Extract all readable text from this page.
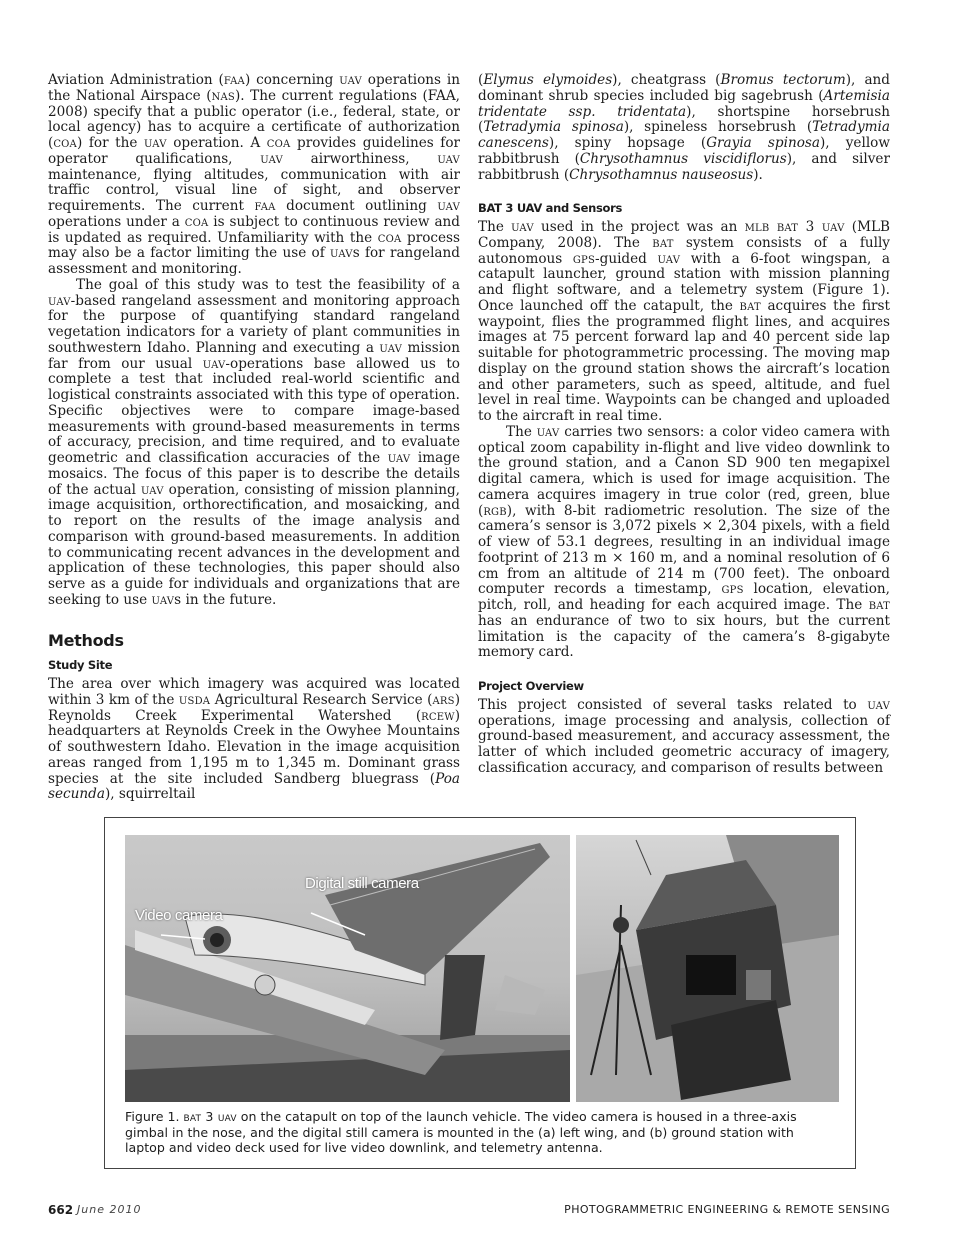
Aviation Administration (faa) concerning uav operations in the National Airspace (nas). The current regulations (FAA, 2008) specify that a public operator (i.e., federal, state, or local agency) has to acquire a certificate of authorization (coa) for the uav operation. A coa provides guidelines for operator qualifications, uav airworthiness, uav maintenance, flying altitudes, communication with air traffic control, visual line of sight, and observer requirements. The current faa document outlining uav operations under a coa is subject to continuous review and is updated as required. Unfamiliarity with the coa process may also be a factor limiting the use of uavs for rangeland assessment and monitoring.

The goal of this study was to test the feasibility of a uav-based rangeland assessment and monitoring approach for the purpose of quantifying standard rangeland vegetation indicators for a variety of plant communities in southwestern Idaho. Planning and executing a uav mission far from our usual uav-operations base allowed us to complete a test that included real-world scientific and logistical constraints associated with this type of operation. Specific objectives were to compare image-based measurements with ground-based measurements in terms of accuracy, precision, and time required, and to evaluate geometric and classification accuracies of the uav image mosaics. The focus of this paper is to describe the details of the actual uav operation, consisting of mission planning, image acquisition, orthorectification, and mosaicking, and to report on the results of the image analysis and comparison with ground-based measurements. In addition to communicating recent advances in the development and application of these technologies, this paper should also serve as a guide for individuals and organizations that are seeking to use uavs in the future.

Methods
Study Site

The area over which imagery was acquired was located within 3 km of the usda Agricultural Research Service (ars) Reynolds Creek Experimental Watershed (rcew) headquarters at Reynolds Creek in the Owyhee Mountains of southwestern Idaho. Elevation in the image acquisition areas ranged from 1,195 m to 1,345 m. Dominant grass species at the site included Sandberg bluegrass (Poa secunda), squirreltail

(Elymus elymoides), cheatgrass (Bromus tectorum), and dominant shrub species included big sagebrush (Artemisia tridentate ssp. tridentata), shortspine horsebrush (Tetradymia spinosa), spineless horsebrush (Tetradymia canescens), spiny hopsage (Grayia spinosa), yellow rabbitbrush (Chrysothamnus viscidiflorus), and silver rabbitbrush (Chrysothamnus nauseosus).

BAT 3 UAV and Sensors

The uav used in the project was an mlb bat 3 uav (MLB Company, 2008). The bat system consists of a fully autonomous gps-guided uav with a 6-foot wingspan, a catapult launcher, ground station with mission planning and flight software, and a telemetry system (Figure 1). Once launched off the catapult, the bat acquires the first waypoint, flies the programmed flight lines, and acquires images at 75 percent forward lap and 40 percent side lap suitable for photogrammetric processing. The moving map display on the ground station shows the aircraft’s location and other parameters, such as speed, altitude, and fuel level in real time. Waypoints can be changed and uploaded to the aircraft in real time.

The uav carries two sensors: a color video camera with optical zoom capability in-flight and live video downlink to the ground station, and a Canon SD 900 ten megapixel digital camera, which is used for image acquisition. The camera acquires imagery in true color (red, green, blue (rgb), with 8-bit radiometric resolution. The size of the camera’s sensor is 3,072 pixels × 2,304 pixels, with a field of view of 53.1 degrees, resulting in an individual image footprint of 213 m × 160 m, and a nominal resolution of 6 cm from an altitude of 214 m (700 feet). The onboard computer records a timestamp, gps location, elevation, pitch, roll, and heading for each acquired image. The bat has an endurance of two to six hours, but the current limitation is the capacity of the camera’s 8-gigabyte memory card.

Project Overview

This project consisted of several tasks related to uav operations, image processing and analysis, collection of ground-based measurement, and accuracy assessment, the latter of which included geometric accuracy of imagery, classification accuracy, and comparison of results between

Digital still camera
Video camera
Figure 1. bat 3 uav on the catapult on top of the launch vehicle. The video camera is housed in a three-axis gimbal in the nose, and the digital still camera is mounted in the (a) left wing, and (b) ground station with laptop and video deck used for live video downlink, and telemetry antenna.
662 June 2010	PHOTOGRAMMETRIC ENGINEERING & REMOTE SENSING
